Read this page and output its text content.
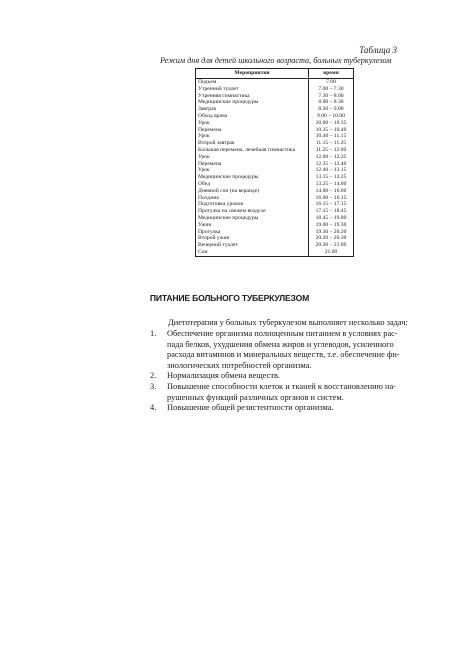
Таблица 3
Режим дня для детей школьного возраста, больных туберкулезом
Мероприятия	время
Подъем	7.00
Утренний туалет	7.00 – 7.30
Утренняя гимнастика	7.30 – 8.00
Медицинские процедуры	8.00 – 8.30
Завтрак	8.30 – 9.00
Обход врача	9.00 – 10.00
Урок	10.00 – 10.35
Перемена	10.35 – 10.40
Урок	10.40 – 11.15
Второй завтрак	11.15 – 11.25
Большая перемена, лечебная гимнастика	11.25 – 12.00
Урок	12.00 – 12.35
Перемена	12.35 – 12.40
Урок	12.40 – 13.15
Медицинские процедуры	13.15 – 13.25
Обед	13.25 – 14.00
Дневной сон (на веранде)	14.00 – 16.00
Полдник	16.00 – 16.15
Подготовка уроков	16.15 – 17.15
Прогулка на свежем воздухе	17.15 – 18.45
Медицинские процедуры	18.45 – 19.00
Ужин	19.00 – 19.30
Прогулка	19.30 – 20.20
Второй ужин	20.20 – 20.30
Вечерний туалет	20.30 – 21.00
Сон	21.00
ПИТАНИЕ БОЛЬНОГО ТУБЕРКУЛЕЗОМ
Диетотерапия у больных туберкулезом выполняет несколько задач:
1.	Обеспечение организма полноценным питанием в условиях рас-
пада белков, ухудшения обмена жиров и углеводов, усиленного
расхода витаминов и минеральных веществ, т.е. обеспечение фи-
зиологических потребностей организма.
2.	Нормализация обмена веществ.
3.	Повышение способности клеток и тканей к восстановлению на-
рушенных функций различных органов и систем.
4.	Повышение общей резистентности организма.
